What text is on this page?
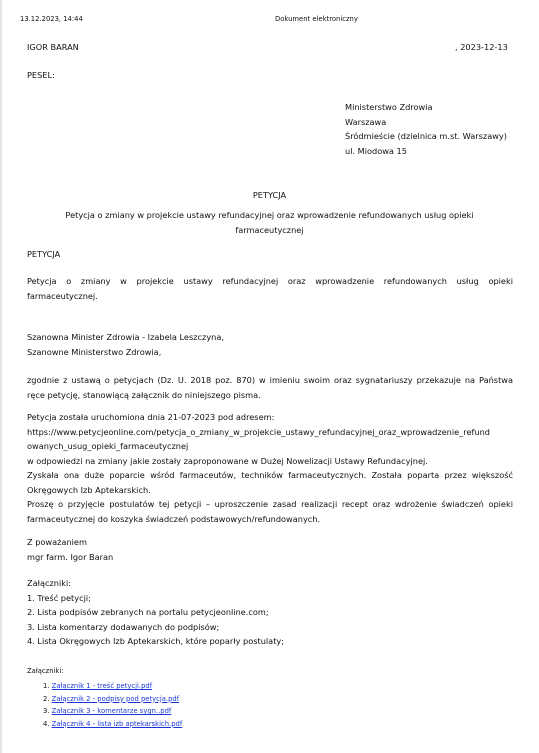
13.12.2023, 14:44	Dokument elektroniczny
IGOR BARAN	, 2023-12-13
PESEL:
Ministerstwo Zdrowia
Warszawa
Śródmieście (dzielnica m.st. Warszawy)
ul. Miodowa 15
PETYCJA
Petycja o zmiany w projekcie ustawy refundacyjnej oraz wprowadzenie refundowanych usług opieki
farmaceutycznej
PETYCJA
Petycja o zmiany w projekcie ustawy refundacyjnej oraz wprowadzenie refundowanych usług opieki
farmaceutycznej.
Szanowna Minister Zdrowia - Izabela Leszczyna,
Szanowne Ministerstwo Zdrowia,
zgodnie z ustawą o petycjach (Dz. U. 2018 poz. 870) w imieniu swoim oraz sygnatariuszy przekazuje na Państwa
ręce petycję, stanowiącą załącznik do niniejszego pisma.
Petycja została uruchomiona dnia 21-07-2023 pod adresem:
https://www.petycjeonline.com/petycja_o_zmiany_w_projekcie_ustawy_refundacyjnej_oraz_wprowadzenie_refund
owanych_usug_opieki_farmaceutycznej
w odpowiedzi na zmiany jakie zostały zaproponowane w Dużej Nowelizacji Ustawy Refundacyjnej.
Zyskała ona duże poparcie wśród farmaceutów, techników farmaceutycznych. Została poparta przez większość
Okręgowych Izb Aptekarskich.
Proszę o przyjęcie postulatów tej petycji – uproszczenie zasad realizacji recept oraz wdrożenie świadczeń opieki
farmaceutycznej do koszyka świadczeń podstawowych/refundowanych.
Z poważaniem
mgr farm. Igor Baran
Załączniki:
1. Treść petycji;
2. Lista podpisów zebranych na portalu petycjeonline.com;
3. Lista komentarzy dodawanych do podpisów;
4. Lista Okręgowych Izb Aptekarskich, które poparły postulaty;
Załączniki:
1. Załącznik 1 - treść petycji.pdf
2. Załącznik 2 - podpisy pod petycja.pdf
3. Załącznik 3 - komentarze sygn..pdf
4. Załącznik 4 - lista izb aptekarskich.pdf
